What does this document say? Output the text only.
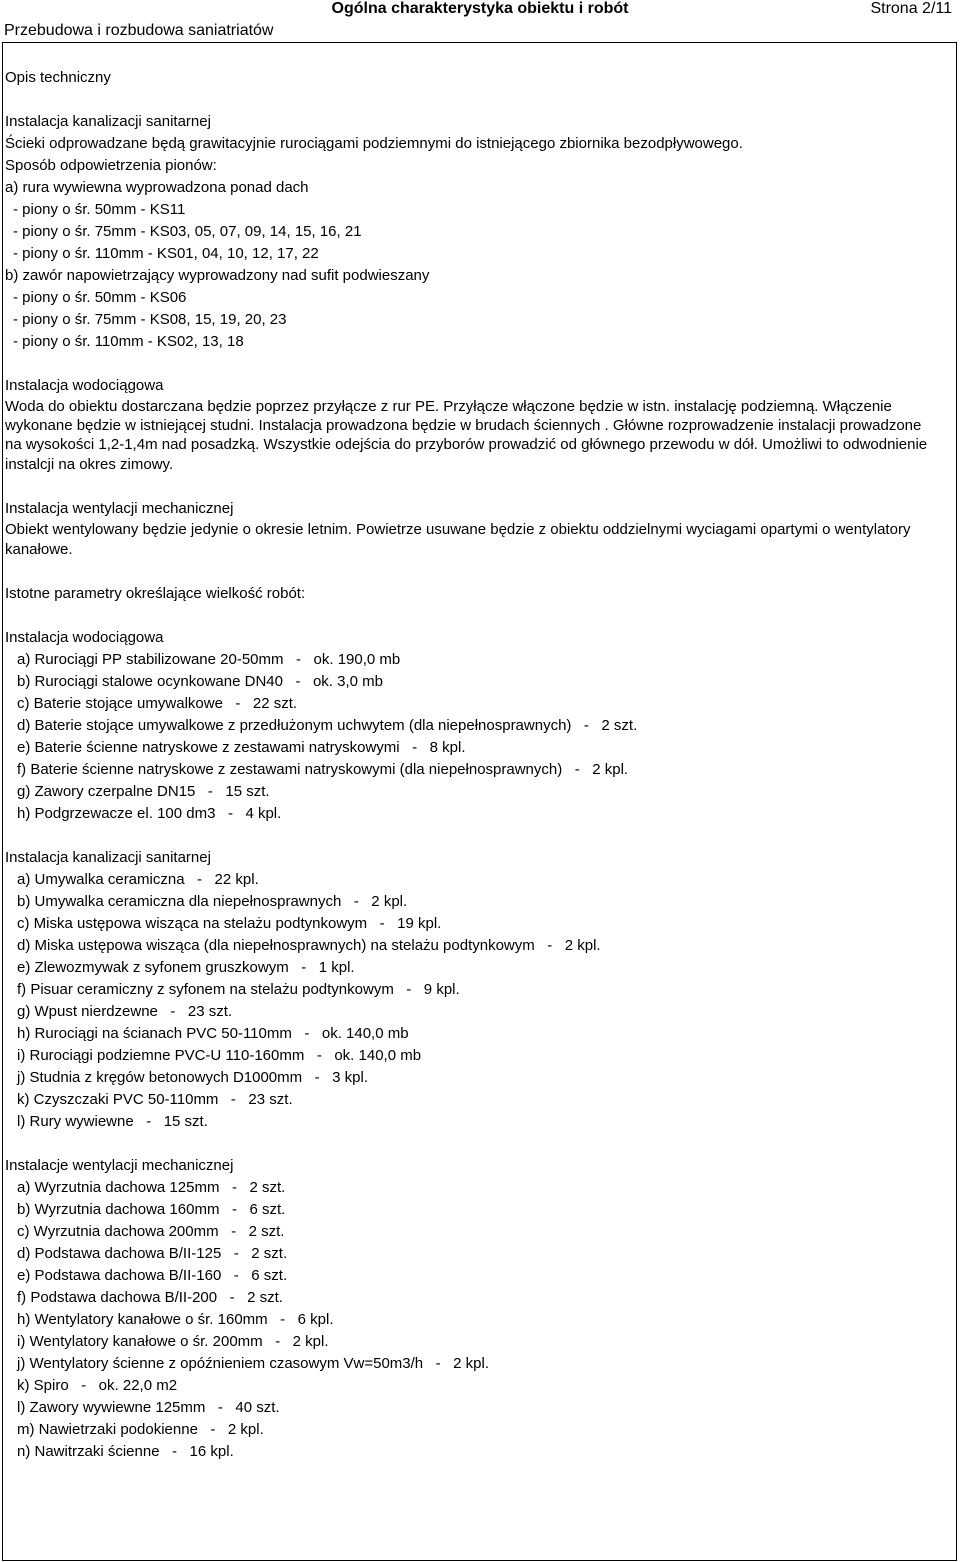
Przebudowa i rozbudowa saniatriatów
Ogólna charakterystyka obiektu i robót	Strona 2/11
Opis techniczny
Instalacja kanalizacji sanitarnej
Ścieki odprowadzane będą grawitacyjnie rurociągami podziemnymi do istniejącego zbiornika bezodpływowego.
Sposób odpowietrzenia pionów:
a) rura wywiewna wyprowadzona ponad dach
- piony o śr. 50mm - KS11
- piony o śr. 75mm - KS03, 05, 07, 09, 14, 15, 16, 21
- piony o śr. 110mm - KS01, 04, 10, 12, 17, 22
b) zawór napowietrzający wyprowadzony nad sufit podwieszany
- piony o śr. 50mm - KS06
- piony o śr. 75mm - KS08, 15, 19, 20, 23
- piony o śr. 110mm - KS02, 13, 18
Instalacja wodociągowa
Woda do obiektu dostarczana będzie poprzez przyłącze z rur PE. Przyłącze włączone będzie w istn. instalację podziemną. Włączenie wykonane będzie w istniejącej studni. Instalacja prowadzona będzie w brudach ściennych . Główne rozprowadzenie instalacji prowadzone
na wysokości 1,2-1,4m nad posadzką. Wszystkie odejścia do przyborów prowadzić od głównego przewodu w dół. Umożliwi to odwodnienie
instalcji na okres zimowy.
Instalacja wentylacji mechanicznej
Obiekt wentylowany będzie jedynie o okresie letnim. Powietrze usuwane będzie z obiektu oddzielnymi wyciagami opartymi o wentylatory
kanałowe.
Istotne parametry określające wielkość robót:
Instalacja wodociągowa
a) Rurociągi PP stabilizowane 20-50mm   -   ok. 190,0 mb
b) Rurociągi stalowe ocynkowane DN40   -   ok. 3,0 mb
c) Baterie stojące umywalkowe   -   22 szt.
d) Baterie stojące umywalkowe z przedłużonym uchwytem (dla niepełnosprawnych)   -   2 szt.
e) Baterie ścienne natryskowe z zestawami natryskowymi   -   8 kpl.
f) Baterie ścienne natryskowe z zestawami natryskowymi (dla niepełnosprawnych)   -   2 kpl.
g) Zawory czerpalne DN15   -   15 szt.
h) Podgrzewacze el. 100 dm3   -   4 kpl.
Instalacja kanalizacji sanitarnej
a) Umywalka ceramiczna   -   22 kpl.
b) Umywalka ceramiczna dla niepełnosprawnych   -   2 kpl.
c) Miska ustępowa wisząca na stelażu podtynkowym   -   19 kpl.
d) Miska ustępowa wisząca (dla niepełnosprawnych) na stelażu podtynkowym   -   2 kpl.
e) Zlewozmywak z syfonem gruszkowym   -   1 kpl.
f) Pisuar ceramiczny z syfonem na stelażu podtynkowym   -   9 kpl.
g) Wpust nierdzewne   -   23 szt.
h) Rurociągi na ścianach PVC 50-110mm   -   ok. 140,0 mb
i) Rurociągi podziemne PVC-U 110-160mm   -   ok. 140,0 mb
j) Studnia z kręgów betonowych D1000mm   -   3 kpl.
k) Czyszczaki PVC 50-110mm   -   23 szt.
l) Rury wywiewne   -   15 szt.
Instalacje wentylacji mechanicznej
a) Wyrzutnia dachowa 125mm   -   2 szt.
b) Wyrzutnia dachowa 160mm   -   6 szt.
c) Wyrzutnia dachowa 200mm   -   2 szt.
d) Podstawa dachowa B/II-125   -   2 szt.
e) Podstawa dachowa B/II-160   -   6 szt.
f) Podstawa dachowa B/II-200   -   2 szt.
h) Wentylatory kanałowe o śr. 160mm   -   6 kpl.
i) Wentylatory kanałowe o śr. 200mm   -   2 kpl.
j) Wentylatory ścienne z opóźnieniem czasowym Vw=50m3/h   -   2 kpl.
k) Spiro   -   ok. 22,0 m2
l) Zawory wywiewne 125mm   -   40 szt.
m) Nawietrzaki podokienne   -   2 kpl.
n) Nawitrzaki ścienne   -   16 kpl.
